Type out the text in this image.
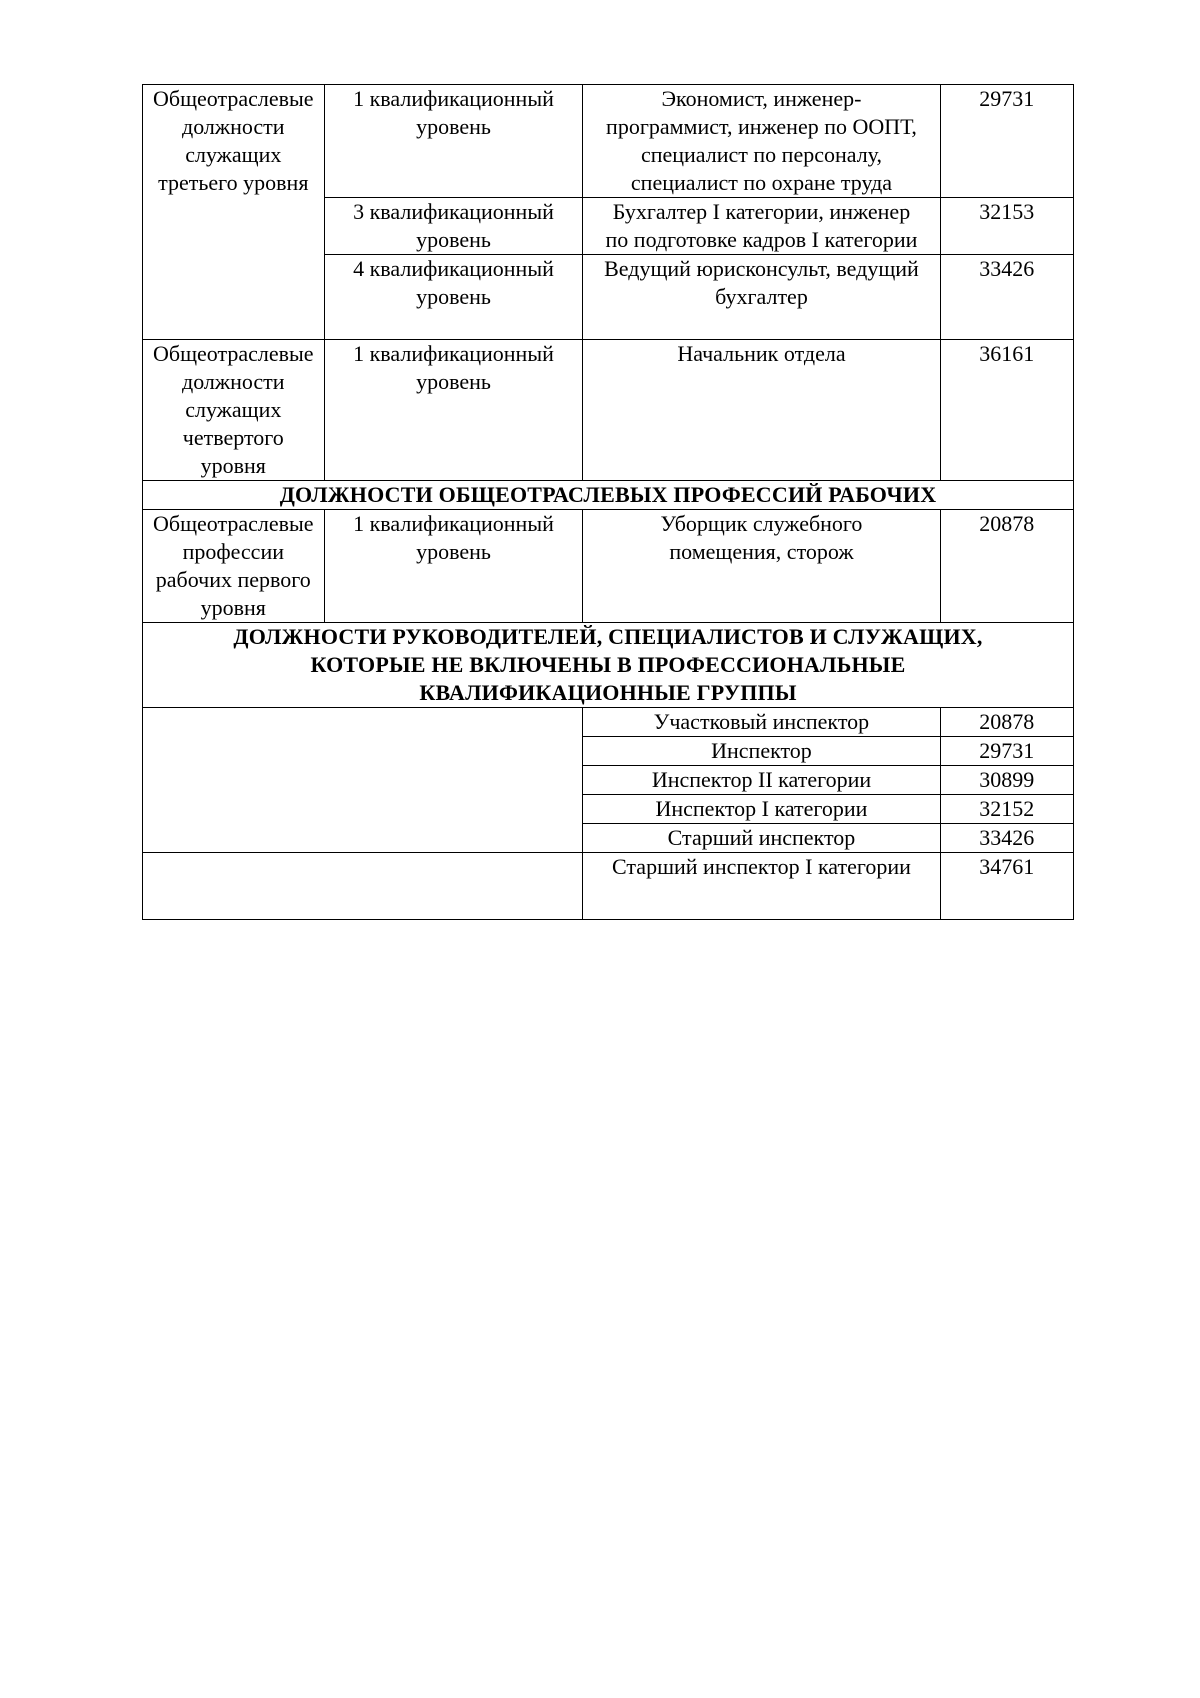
Общеотраслевые
должности
служащих
третьего уровня	1 квалификационный
уровень	Экономист, инженер-
программист, инженер по ООПТ,
специалист по персоналу,
специалист по охране труда	29731

	3 квалификационный
уровень	Бухгалтер I категории, инженер
по подготовке кадров I категории	32153

	4 квалификационный
уровень	Ведущий юрисконсульт, ведущий
бухгалтер	33426

Общеотраслевые
должности
служащих
четвертого
уровня	1 квалификационный
уровень	Начальник отдела	36161
ДОЛЖНОСТИ ОБЩЕОТРАСЛЕВЫХ ПРОФЕССИЙ РАБОЧИХ			

Общеотраслевые
профессии
рабочих первого
уровня	1 квалификационный
уровень	Уборщик служебного
помещения, сторож	20878

ДОЛЖНОСТИ РУКОВОДИТЕЛЕЙ, СПЕЦИАЛИСТОВ И СЛУЖАЩИХ,
КОТОРЫЕ НЕ ВКЛЮЧЕНЫ В ПРОФЕССИОНАЛЬНЫЕ
КВАЛИФИКАЦИОННЫЕ ГРУППЫ			

		Участковый инспектор	20878
		Инспектор	29731
		Инспектор II категории	30899
		Инспектор I категории	32152
		Старший инспектор	33426
		Старший инспектор I категории	34761
